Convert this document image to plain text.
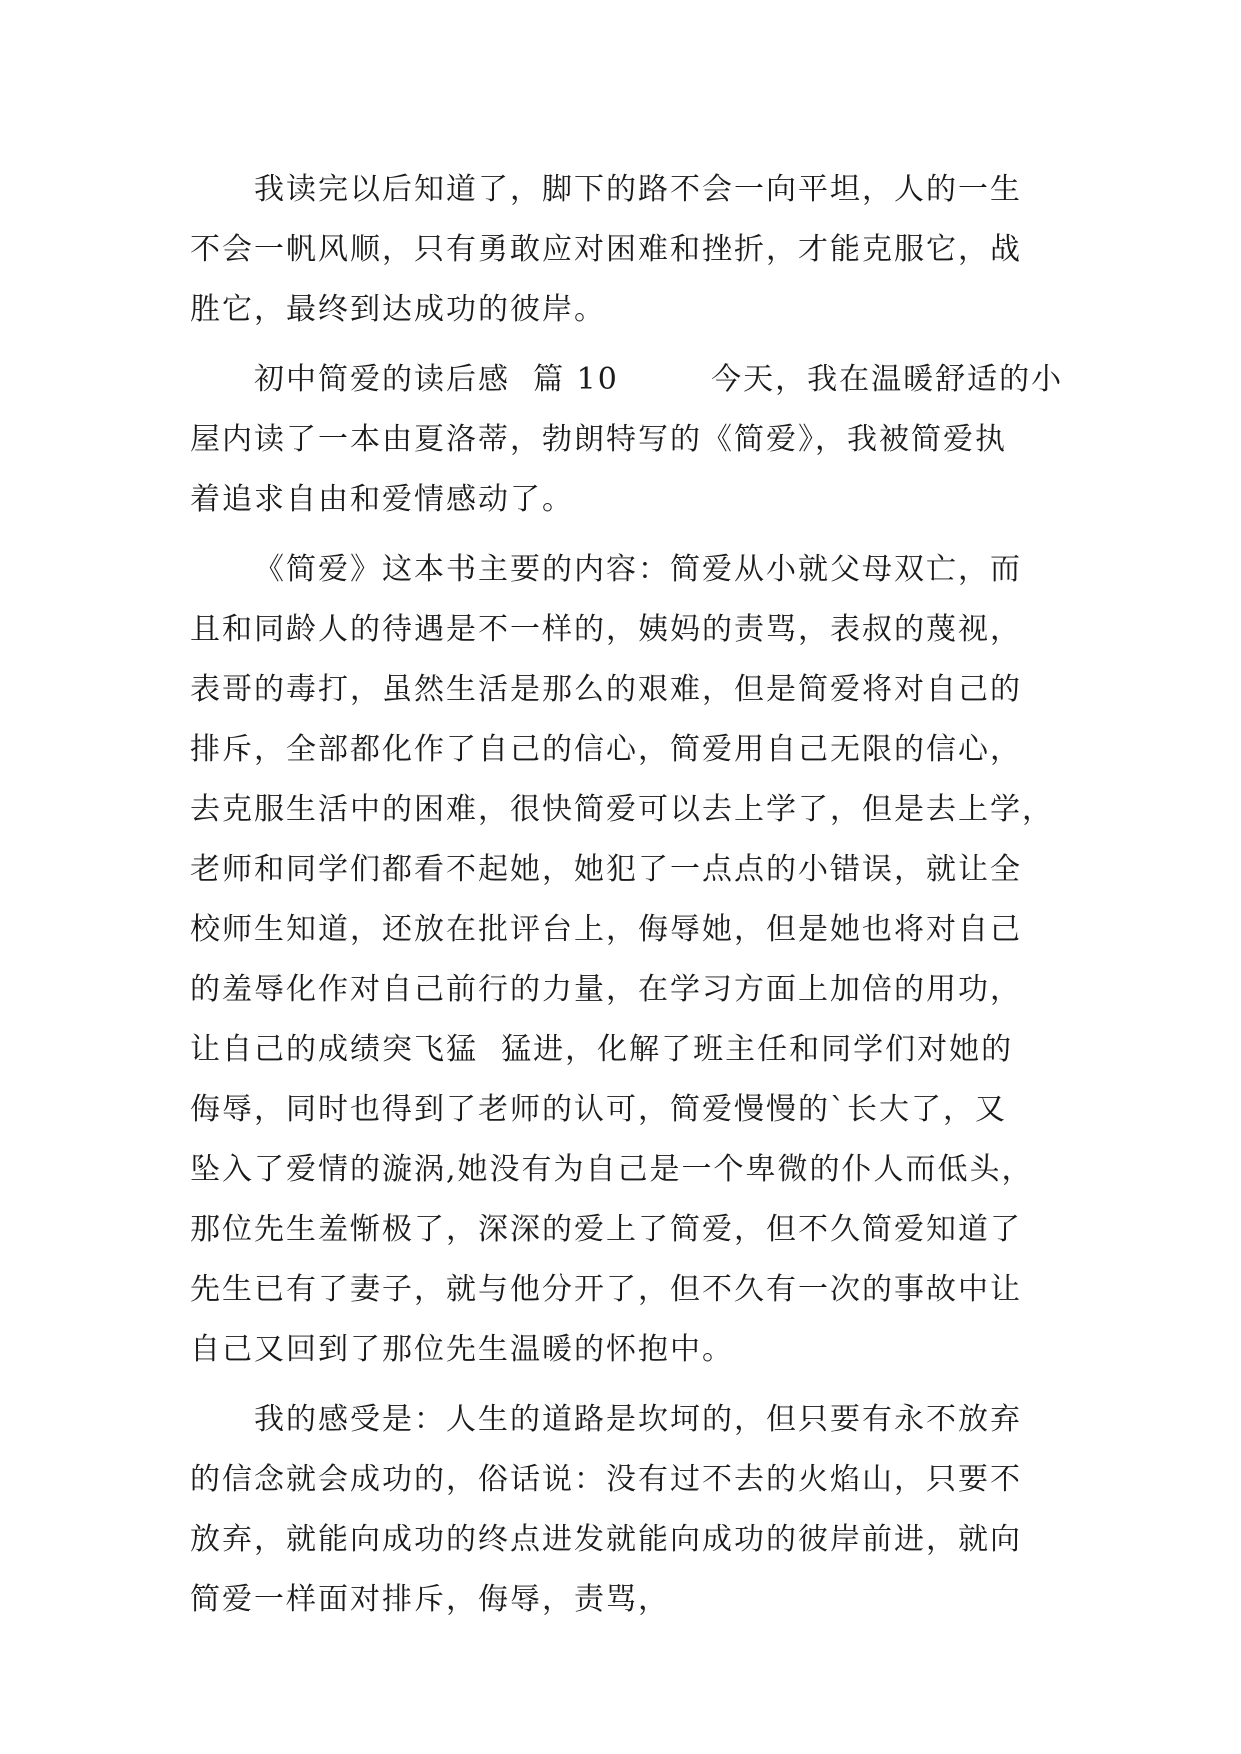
我读完以后知道了，脚下的路不会一向平坦，人的一生
不会一帆风顺，只有勇敢应对困难和挫折，才能克服它，战
胜它，最终到达成功的彼岸。
初中简爱的读后感  篇 10        今天，我在温暖舒适的小
屋内读了一本由夏洛蒂，勃朗特写的《简爱》，我被简爱执
着追求自由和爱情感动了。
《简爱》这本书主要的内容：简爱从小就父母双亡，而
且和同龄人的待遇是不一样的，姨妈的责骂，表叔的蔑视，
表哥的毒打，虽然生活是那么的艰难，但是简爱将对自己的
排斥，全部都化作了自己的信心，简爱用自己无限的信心，
去克服生活中的困难，很快简爱可以去上学了，但是去上学，
老师和同学们都看不起她，她犯了一点点的小错误，就让全
校师生知道，还放在批评台上，侮辱她，但是她也将对自己
的羞辱化作对自己前行的力量，在学习方面上加倍的用功，
让自己的成绩突飞猛  猛进，化解了班主任和同学们对她的
侮辱，同时也得到了老师的认可，简爱慢慢的`长大了，又
坠入了爱情的漩涡,她没有为自己是一个卑微的仆人而低头，
那位先生羞惭极了，深深的爱上了简爱，但不久简爱知道了
先生已有了妻子，就与他分开了，但不久有一次的事故中让
自己又回到了那位先生温暖的怀抱中。
我的感受是：人生的道路是坎坷的，但只要有永不放弃
的信念就会成功的，俗话说：没有过不去的火焰山，只要不
放弃，就能向成功的终点进发就能向成功的彼岸前进，就向
简爱一样面对排斥，侮辱，责骂，
